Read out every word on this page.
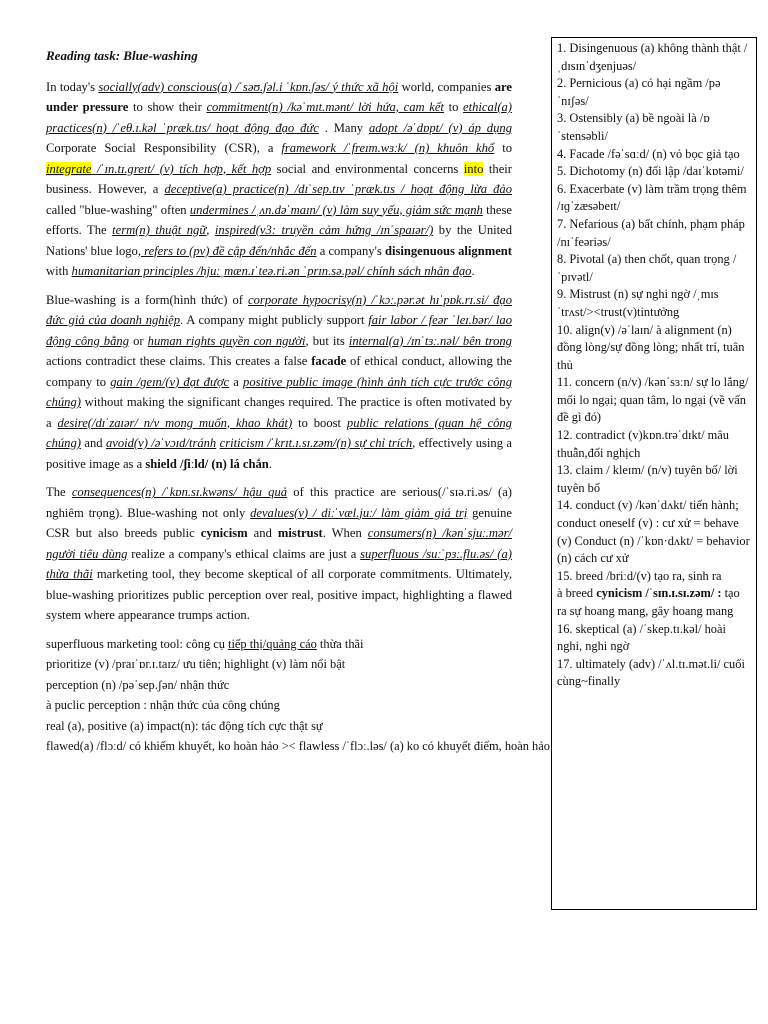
Reading task: Blue-washing

In today's socially(adv) conscious(a) /ˈsəʊ.ʃəl.i ˈkɒn.ʃəs/ ý thức xã hội world, companies are under pressure to show their commitment(n) /kəˈmɪt.mənt/ lời hứa, cam kết to ethical(a) practices(n) /ˈeθ.ɪ.kəl ˈpræk.tɪs/ hoạt động đạo đức . Many adopt /əˈdɒpt/ (v) áp dụng Corporate Social Responsibility (CSR), a framework /ˈfreɪm.wɜːk/ (n) khuôn khổ to integrate /ˈɪn.tɪ.ɡreɪt/ (v) tích hợp, kết hợp social and environmental concerns into their business. However, a deceptive(a) practice(n) /dɪˈsep.tɪv ˈpræk.tɪs / hoạt động lừa đảo called "blue-washing" often undermines /ˌʌn.dəˈmaɪn/ (v) làm suy yếu, giảm sức mạnh these efforts. The term(n) thuật ngữ, inspired(v3: truyền cảm hứng /ɪnˈspaɪər/) by the United Nations' blue logo, refers to (pv) đề cập đến/nhắc đến a company's disingenuous alignment with humanitarian principles /hjuːˌmæn.ɪˈteə.ri.ən ˈprɪn.sə.pəl/ chính sách nhân đạo.

Blue-washing is a form(hình thức) of corporate hypocrisy(n) /ˈkɔː.pər.ət hɪˈpɒk.rɪ.si/ đạo đức giả của doanh nghiệp. A company might publicly support fair labor / feər ˈleɪ.bər/ lao động công bằng or human rights quyền con người, but its internal(a) /ɪnˈtɜː.nəl/ bên trong actions contradict these claims. This creates a false facade of ethical conduct, allowing the company to gain /ɡeɪn/(v) đạt được a positive public image (hình ảnh tích cực trước công chúng) without making the significant changes required. The practice is often motivated by a desire(/dɪˈzaɪər/ n/v mong muốn, khao khát) to boost public relations (quan hệ công chúng) and avoid(v) /əˈvɔɪd/tránh criticism /ˈkrɪt.ɪ.sɪ.zəm/(n) sự chỉ trích, effectively using a positive image as a shield /ʃiːld/ (n) lá chắn.

The consequences(n) /ˈkɒn.sɪ.kwəns/ hậu quả of this practice are serious(/ˈsɪə.ri.əs/ (a) nghiêm trọng). Blue-washing not only devalues(v) / diːˈvæl.juː/ làm giảm giá trị genuine CSR but also breeds public cynicism and mistrust. When consumers(n) /kənˈsjuː.mər/ người tiêu dùng realize a company's ethical claims are just a superfluous /suːˈpɜː.flu.əs/ (a) thừa thãi marketing tool, they become skeptical of all corporate commitments. Ultimately, blue-washing prioritizes public perception over real, positive impact, highlighting a flawed system where appearance trumps action.

superfluous marketing tool: công cụ tiếp thị/quảng cáo thừa thãi
prioritize (v) /praɪˈɒr.ɪ.taɪz/ ưu tiên; highlight (v) làm nổi bật
perception (n) /pəˈsep.ʃən/ nhận thức
à puclic perception : nhận thức của công chúng
real (a), positive (a) impact(n): tác động tích cực thật sự
flawed(a) /flɔːd/ có khiếm khuyết, ko hoàn hảo >< flawless /ˈflɔː.ləs/ (a) ko có khuyết điểm, hoàn hảo
1. Disingenuous (a) không thành thật /ˌdɪsɪnˈdʒenjuəs/
2. Pernicious (a) có hại ngầm /pəˈnɪʃəs/
3. Ostensibly (a) bề ngoài là /ɒˈstensəbli/
4. Facade /fəˈsɑːd/ (n) vỏ bọc giả tạo
5. Dichotomy (n) đối lập /daɪˈkɒtəmi/
6. Exacerbate (v) làm trầm trọng thêm /ɪɡˈzæsəbeɪt/
7. Nefarious (a) bất chính, phạm pháp /nɪˈfeəriəs/
8. Pivotal (a) then chốt, quan trọng /ˈpɪvətl/
9. Mistrust (n) sự nghi ngờ /ˌmɪsˈtrʌst/><trust(v)tintưởng
10. align(v) /əˈlaɪn/ à alignment (n) đồng lòng/sự đồng lòng; nhất trí, tuân thủ
11. concern (n/v) /kənˈsɜːn/ sự lo lắng/ mối lo ngại; quan tâm, lo ngại (về vấn đề gì đó)
12. contradict (v)kɒn.trəˈdɪkt/ mâu thuẫn,đối nghịch
13. claim / kleɪm/ (n/v) tuyên bố/ lời tuyên bố
14. conduct (v) /kənˈdʌkt/ tiến hành; conduct oneself (v) : cư xử = behave (v) Conduct (n) /ˈkɒn·dʌkt/ = behavior (n) cách cư xử
15. breed /briːd/(v) tạo ra, sinh ra
à breed cynicism /ˈsɪn.ɪ.sɪ.zəm/ : tạo ra sự hoang mang, gây hoang mang
16. skeptical (a) /ˈskep.tɪ.kəl/ hoài nghi, nghi ngờ
17. ultimately (adv) /ˈʌl.tɪ.mət.li/ cuối cùng~finally
